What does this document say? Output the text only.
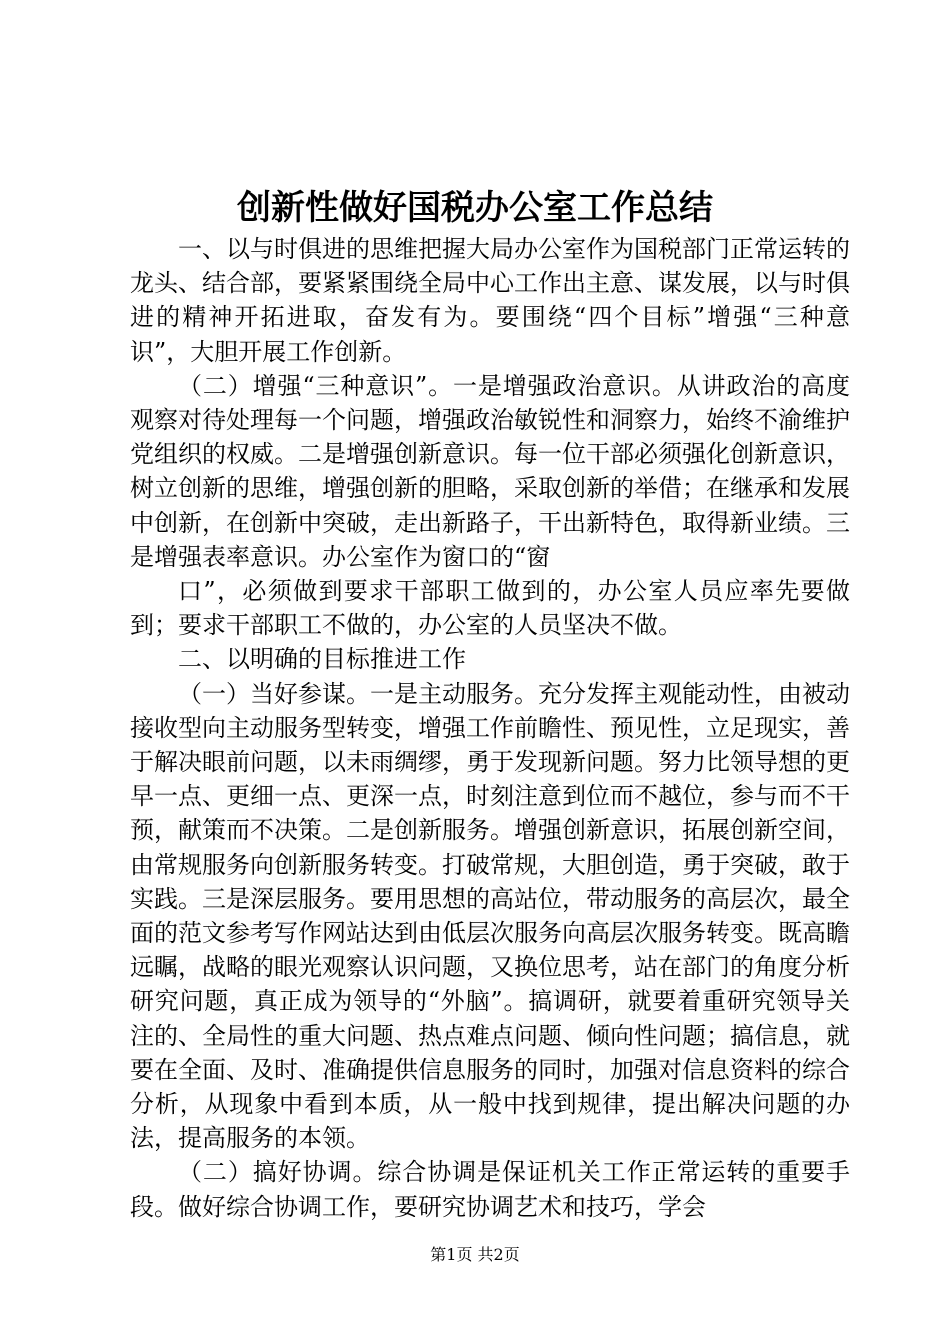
创新性做好国税办公室工作总结

一、以与时俱进的思维把握大局办公室作为国税部门正常运转的龙头、结合部，要紧紧围绕全局中心工作出主意、谋发展，以与时俱进的精神开拓进取，奋发有为。要围绕“四个目标”增强“三种意识”，大胆开展工作创新。

（二）增强“三种意识”。一是增强政治意识。从讲政治的高度观察对待处理每一个问题，增强政治敏锐性和洞察力，始终不渝维护党组织的权威。二是增强创新意识。每一位干部必须强化创新意识，树立创新的思维，增强创新的胆略，采取创新的举借；在继承和发展中创新，在创新中突破，走出新路子，干出新特色，取得新业绩。三是增强表率意识。办公室作为窗口的“窗

口”，必须做到要求干部职工做到的，办公室人员应率先要做到；要求干部职工不做的，办公室的人员坚决不做。

二、以明确的目标推进工作

（一）当好参谋。一是主动服务。充分发挥主观能动性，由被动接收型向主动服务型转变，增强工作前瞻性、预见性，立足现实，善于解决眼前问题，以未雨绸缪，勇于发现新问题。努力比领导想的更早一点、更细一点、更深一点，时刻注意到位而不越位，参与而不干预，献策而不决策。二是创新服务。增强创新意识，拓展创新空间，由常规服务向创新服务转变。打破常规，大胆创造，勇于突破，敢于实践。三是深层服务。要用思想的高站位，带动服务的高层次，最全面的范文参考写作网站达到由低层次服务向高层次服务转变。既高瞻远瞩，战略的眼光观察认识问题，又换位思考，站在部门的角度分析研究问题，真正成为领导的“外脑”。搞调研，就要着重研究领导关注的、全局性的重大问题、热点难点问题、倾向性问题；搞信息，就要在全面、及时、准确提供信息服务的同时，加强对信息资料的综合分析，从现象中看到本质，从一般中找到规律，提出解决问题的办法，提高服务的本领。

（二）搞好协调。综合协调是保证机关工作正常运转的重要手段。做好综合协调工作，要研究协调艺术和技巧，学会

第1页 共2页
